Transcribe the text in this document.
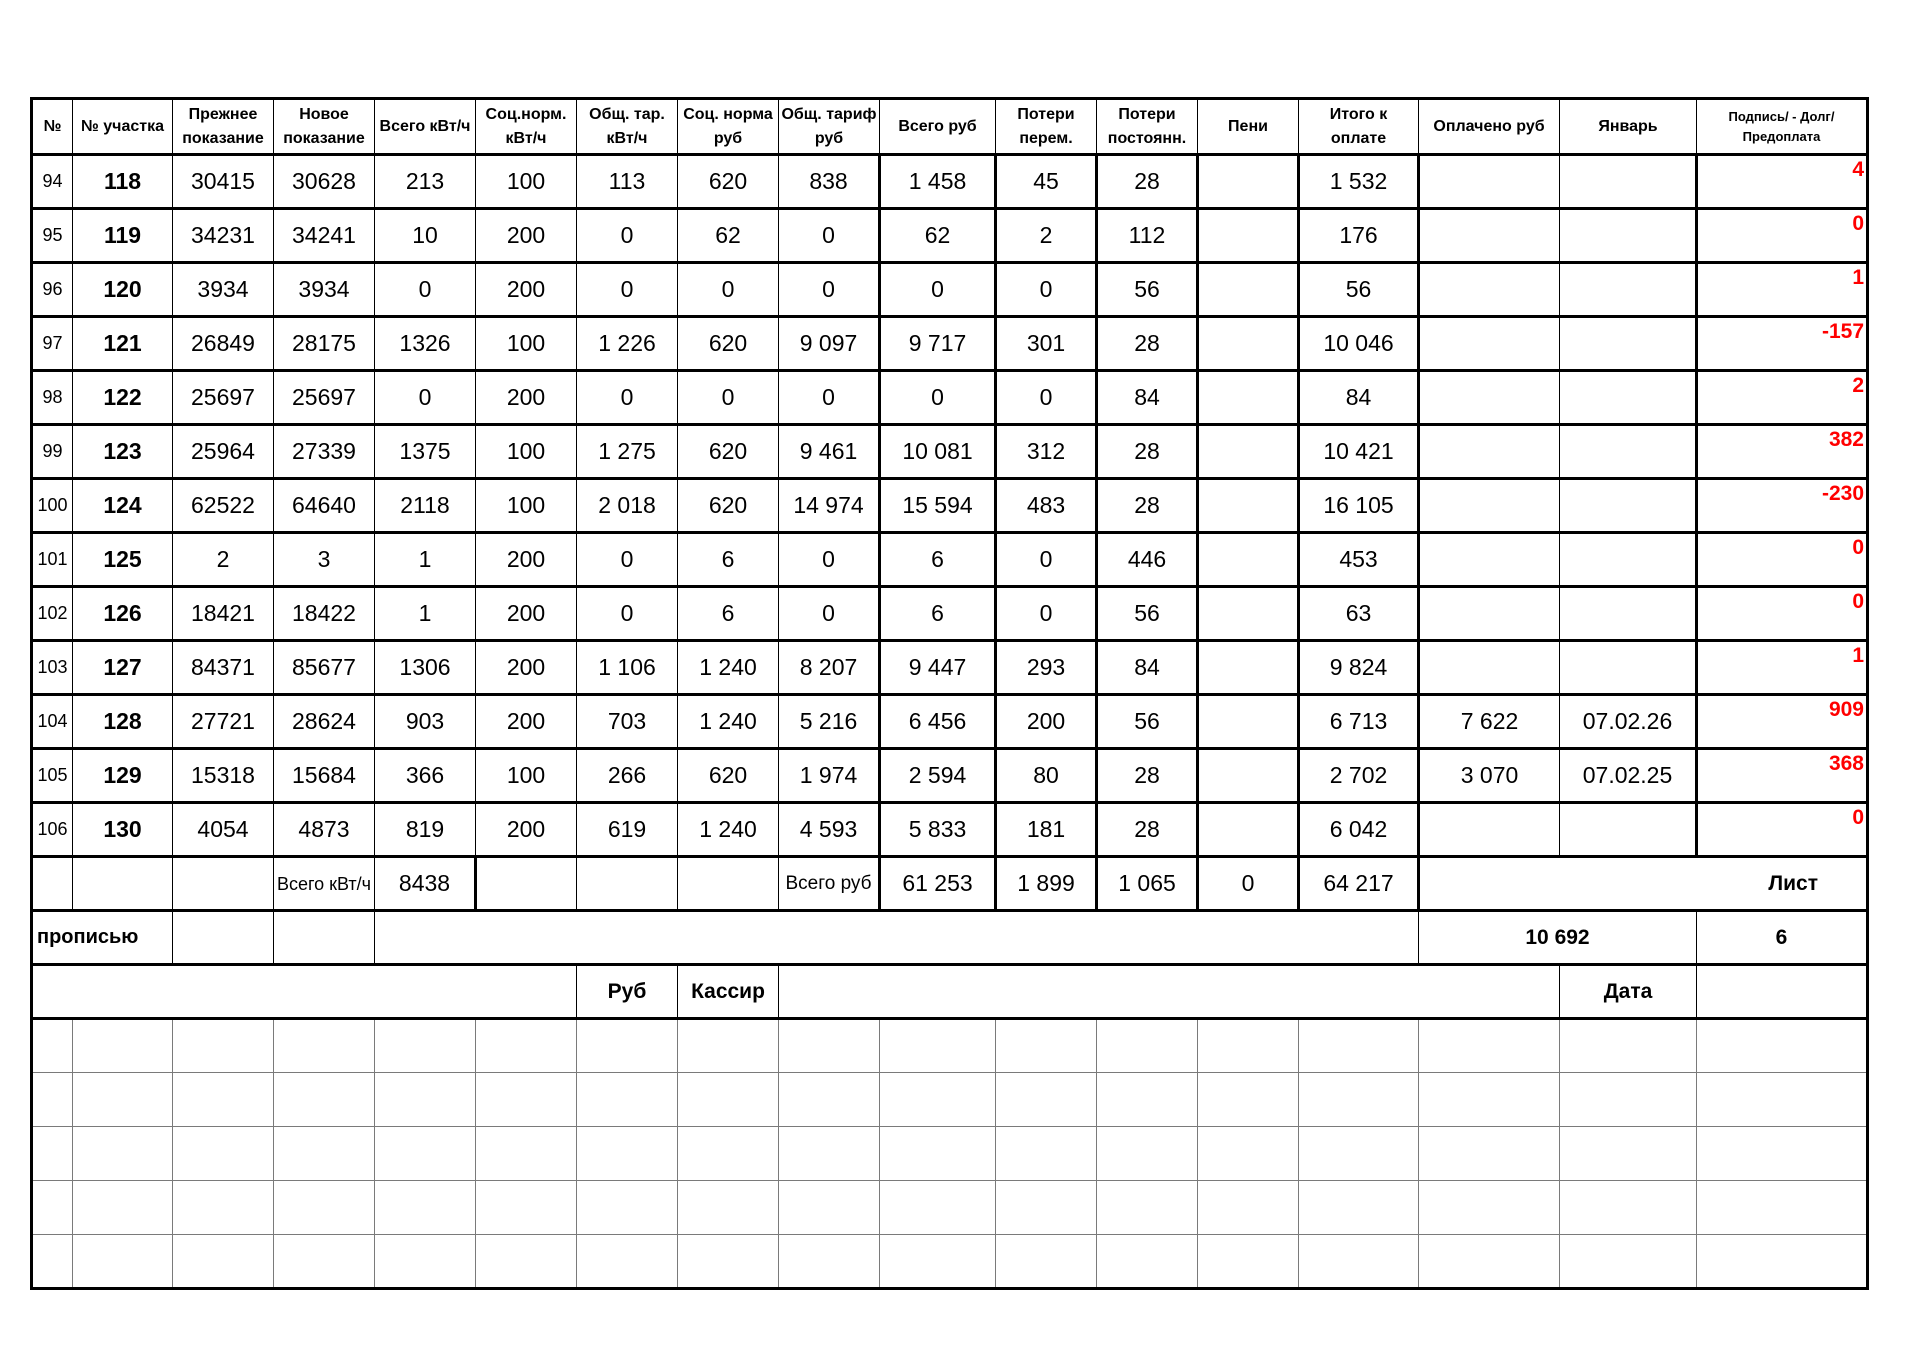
№	№ участка	Прежнее показание	Новое показание	Всего кВт/ч	Соц.норм. кВт/ч	Общ. тар. кВт/ч	Соц. норма руб	Общ. тариф руб	Всего руб	Потери перем.	Потери постоянн.	Пени	Итого к оплате	Оплачено руб	Январь	Подпись/ - Долг/Предоплата
94	118	30415	30628	213	100	113	620	838	1 458	45	28		1 532			4
95	119	34231	34241	10	200	0	62	0	62	2	112		176			0
96	120	3934	3934	0	200	0	0	0	0	0	56		56			1
97	121	26849	28175	1326	100	1 226	620	9 097	9 717	301	28		10 046			-157
98	122	25697	25697	0	200	0	0	0	0	0	84		84			2
99	123	25964	27339	1375	100	1 275	620	9 461	10 081	312	28		10 421			382
100	124	62522	64640	2118	100	2 018	620	14 974	15 594	483	28		16 105			-230
101	125	2	3	1	200	0	6	0	6	0	446		453			0
102	126	18421	18422	1	200	0	6	0	6	0	56		63			0
103	127	84371	85677	1306	200	1 106	1 240	8 207	9 447	293	84		9 824			1
104	128	27721	28624	903	200	703	1 240	5 216	6 456	200	56		6 713	7 622	07.02.26	909
105	129	15318	15684	366	100	266	620	1 974	2 594	80	28		2 702	3 070	07.02.25	368
106	130	4054	4873	819	200	619	1 240	4 593	5 833	181	28		6 042			0
			Всего кВт/ч	8438				Всего руб	61 253	1 899	1 065	0	64 217	Лист		
прописью														10 692		6
						Руб	Кассир								Дата	
